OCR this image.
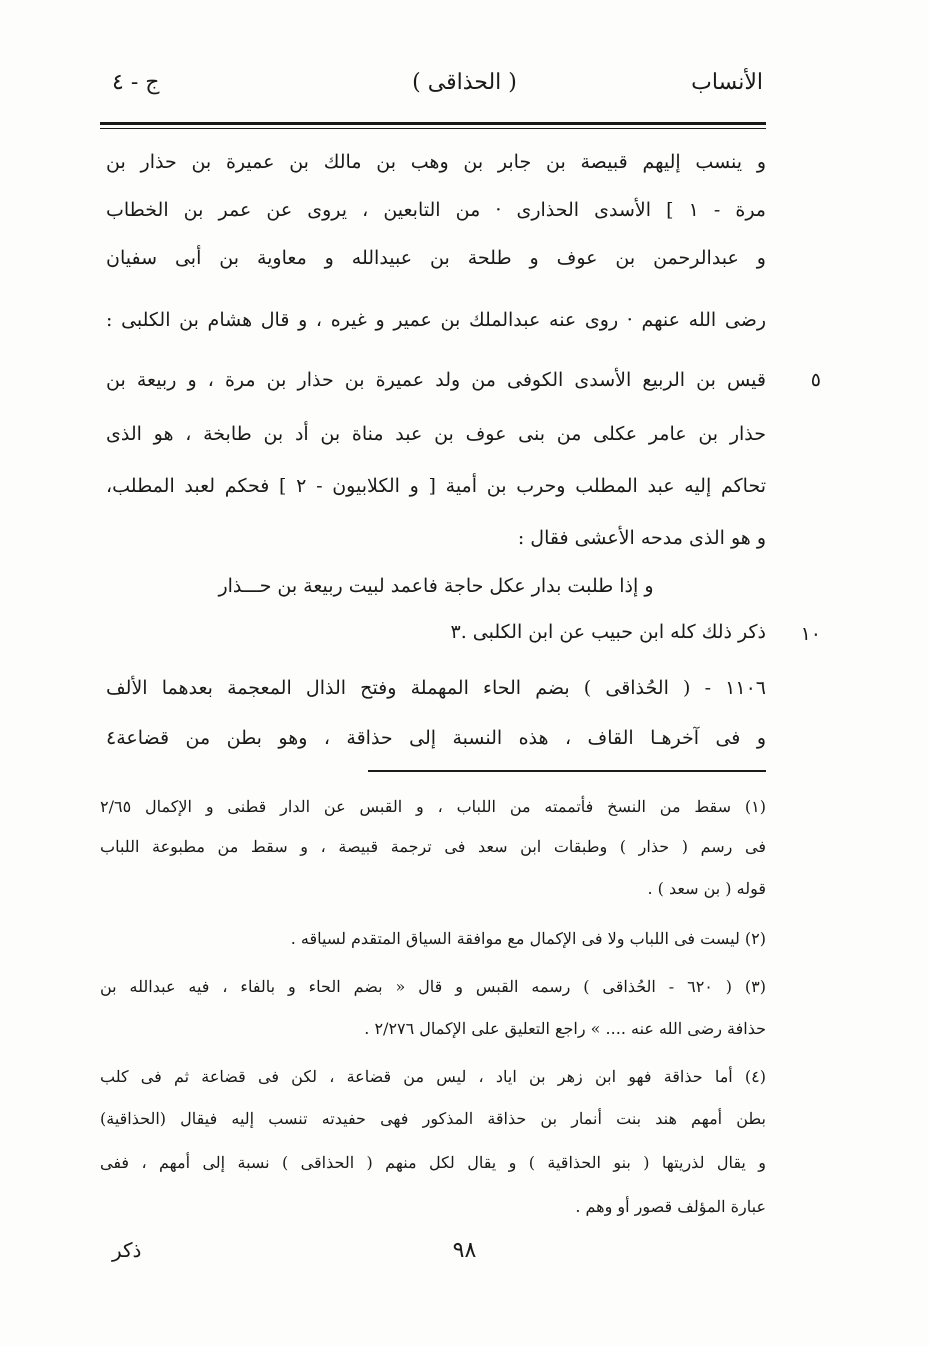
الأنساب
( الحذاقى )
ج - ٤
و ينسب إليهم قبيصة بن جابر بن وهب بن مالك بن عميرة بن حذار بن
مرة - ١ ] الأسدى الحذارى · من التابعين ، يروى عن عمر بن الخطاب
و عبدالرحمن بن عوف و طلحة بن عبيدالله و معاوية بن أبى سفيان
رضى الله عنهم · روى عنه عبدالملك بن عمير و غيره ، و قال هشام بن الكلبى :
قيس بن الربيع الأسدى الكوفى من ولد عميرة بن حذار بن مرة ، و ربيعة بن
حذار بن عامر عكلى من بنى عوف بن عبد مناة بن أد بن طابخة ، هو الذى
تحاكم إليه عبد المطلب وحرب بن أمية [ و الكلابيون - ٢ ] فحكم لعبد المطلب،
و هو الذى مدحه الأعشى فقال :
و إذا طلبت بدار عكل حاجة فاعمد لبيت ربيعة بن حـــذار
ذكر ذلك كله ابن حبيب عن ابن الكلبى .٣
١١٠٦ - ( الحُذاقى ) بضم الحاء المهملة وفتح الذال المعجمة بعدهما الألف
و فى آخرهـا القاف ، هذه النسبة إلى حذاقة ، وهو بطن من قضاعة٤
٥
١٠
(١) سقط من النسخ فأتممته من اللباب ، و القبس عن الدار قطنى و الإكمال ٢/٦٥
فى رسم ( حذار ) وطبقات ابن سعد فى ترجمة قبيصة ، و سقط من مطبوعة اللباب
قوله ( بن سعد ) .
(٢) ليست فى اللباب ولا فى الإكمال مع موافقة السياق المتقدم لسياقه .
(٣) ( ٦٢٠ - الحُذاقى ) رسمه القبس و قال « بضم الحاء و بالفاء ، فيه عبدالله بن
حذافة رضى الله عنه .... » راجع التعليق على الإكمال ٢/٢٧٦ .
(٤) أما حذاقة فهو ابن زهر بن اياد ، ليس من قضاعة ، لكن فى قضاعة ثم فى كلب
بطن أمهم هند بنت أنمار بن حذاقة المذكور فهى حفيدته تنسب إليه فيقال (الحذاقية)
و يقال لذريتها ( بنو الحذاقية ) و يقال لكل منهم ( الحذاقى ) نسبة إلى أمهم ، ففى
عبارة المؤلف قصور أو وهم .
٩٨
ذكر
